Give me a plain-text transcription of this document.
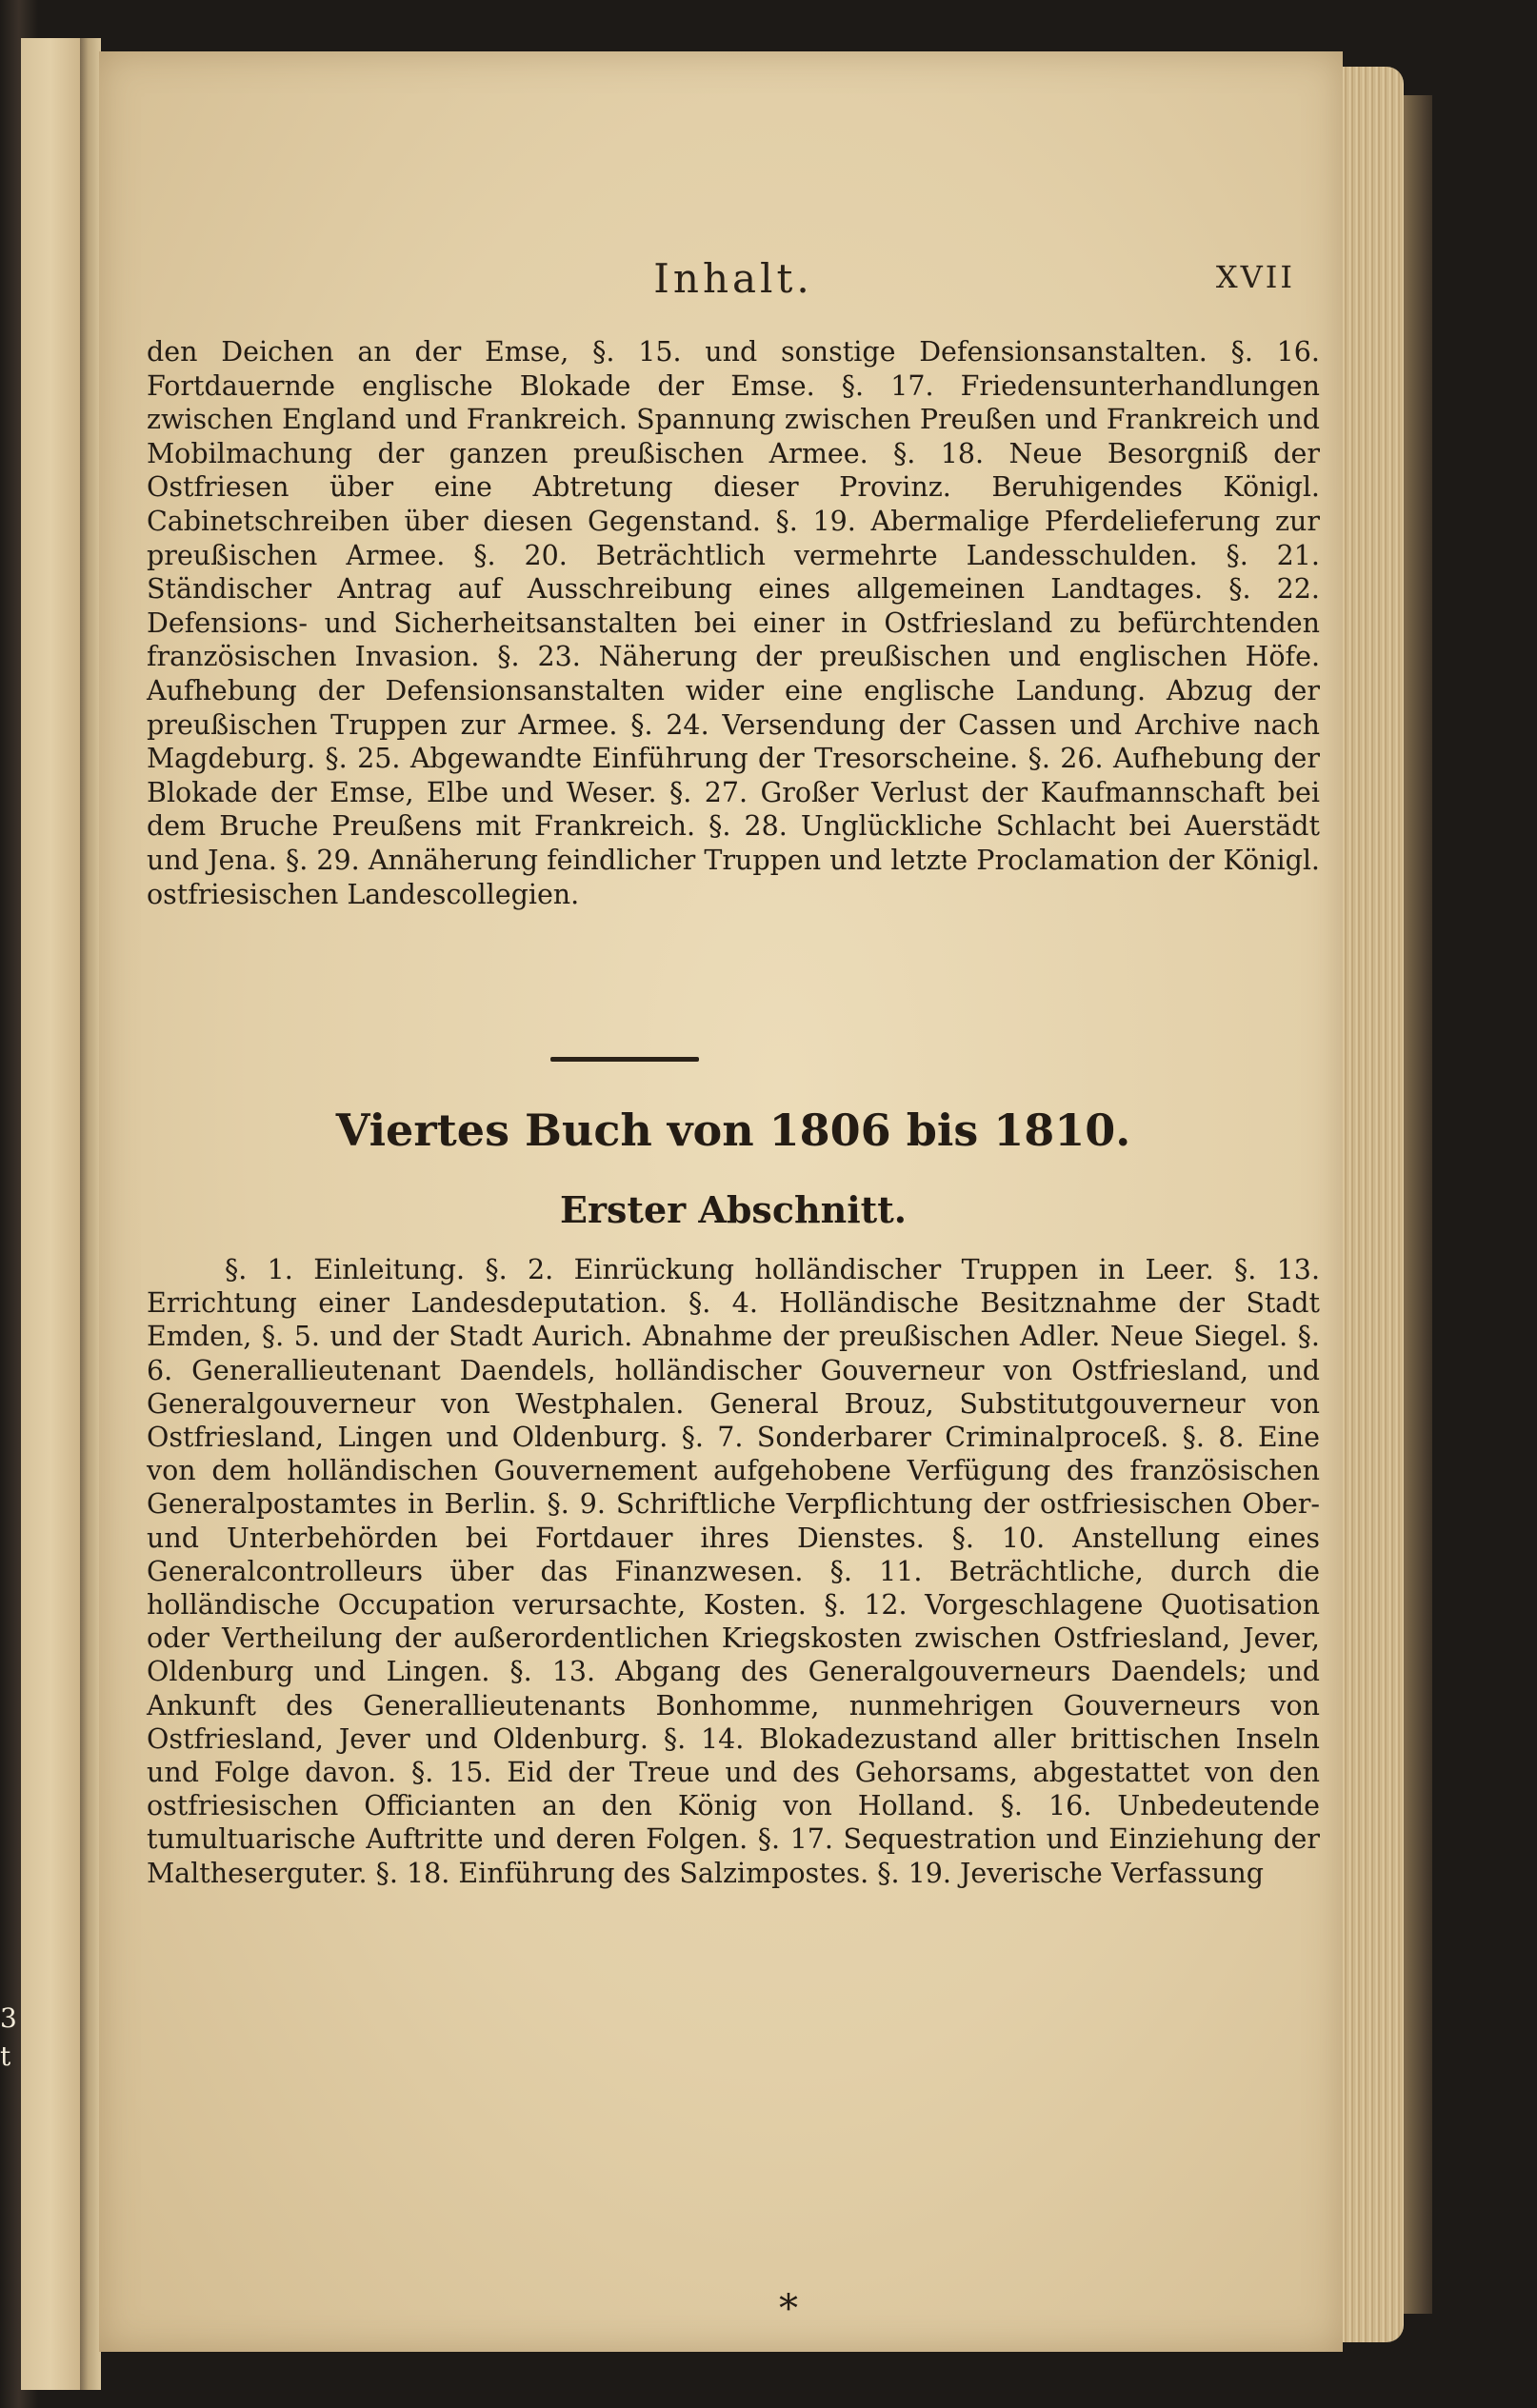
3
t
Inhalt.	XVII

den Deichen an der Emse, §. 15. und sonstige Defensionsanstalten. §. 16. Fortdauernde englische Blokade der Emse. §. 17. Friedensunterhandlungen zwischen England und Frankreich. Spannung zwischen Preußen und Frankreich und Mobilmachung der ganzen preußischen Armee. §. 18. Neue Besorgniß der Ostfriesen über eine Abtretung dieser Provinz. Beruhigendes Königl. Cabinetschreiben über diesen Gegenstand. §. 19. Abermalige Pferdelieferung zur preußischen Armee. §. 20. Beträchtlich vermehrte Landesschulden. §. 21. Ständischer Antrag auf Ausschreibung eines allgemeinen Landtages. §. 22. Defensions- und Sicherheitsanstalten bei einer in Ostfriesland zu befürchtenden französischen Invasion. §. 23. Näherung der preußischen und englischen Höfe. Aufhebung der Defensionsanstalten wider eine englische Landung. Abzug der preußischen Truppen zur Armee. §. 24. Versendung der Cassen und Archive nach Magdeburg. §. 25. Abgewandte Einführung der Tresorscheine. §. 26. Aufhebung der Blokade der Emse, Elbe und Weser. §. 27. Großer Verlust der Kaufmannschaft bei dem Bruche Preußens mit Frankreich. §. 28. Unglückliche Schlacht bei Auerstädt und Jena. §. 29. Annäherung feindlicher Truppen und letzte Proclamation der Königl. ostfriesischen Landescollegien.

Viertes Buch von 1806 bis 1810.
Erster Abschnitt.

§. 1. Einleitung. §. 2. Einrückung holländischer Truppen in Leer. §. 13. Errichtung einer Landesdeputation. §. 4. Holländische Besitznahme der Stadt Emden, §. 5. und der Stadt Aurich. Abnahme der preußischen Adler. Neue Siegel. §. 6. Generallieutenant Daendels, holländischer Gouverneur von Ostfriesland, und Generalgouverneur von Westphalen. General Brouz, Substitutgouverneur von Ostfriesland, Lingen und Oldenburg. §. 7. Sonderbarer Criminalproceß. §. 8. Eine von dem holländischen Gouvernement aufgehobene Verfügung des französischen Generalpostamtes in Berlin. §. 9. Schriftliche Verpflichtung der ostfriesischen Ober- und Unterbehörden bei Fortdauer ihres Dienstes. §. 10. Anstellung eines Generalcontrolleurs über das Finanzwesen. §. 11. Beträchtliche, durch die holländische Occupation verursachte, Kosten. §. 12. Vorgeschlagene Quotisation oder Vertheilung der außerordentlichen Kriegskosten zwischen Ostfriesland, Jever, Oldenburg und Lingen. §. 13. Abgang des Generalgouverneurs Daendels; und Ankunft des Generallieutenants Bonhomme, nunmehrigen Gouverneurs von Ostfriesland, Jever und Oldenburg. §. 14. Blokadezustand aller brittischen Inseln und Folge davon. §. 15. Eid der Treue und des Gehorsams, abgestattet von den ostfriesischen Officianten an den König von Holland. §. 16. Unbedeutende tumultuarische Auftritte und deren Folgen. §. 17. Sequestration und Einziehung der Maltheserguter. §. 18. Einführung des Salzimpostes. §. 19. Jeverische Verfassung

*
